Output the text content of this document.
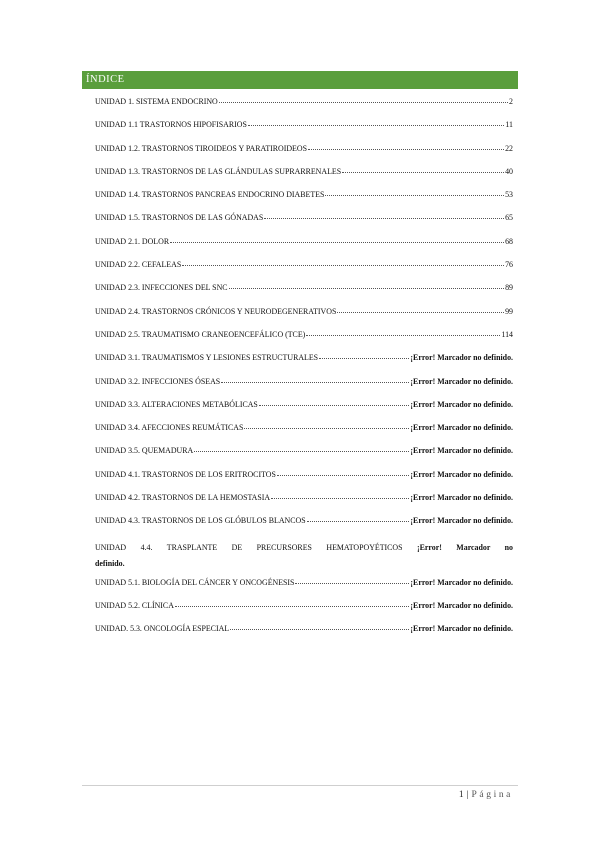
ÍNDICE
UNIDAD 1. SISTEMA ENDOCRINO	2
UNIDAD 1.1 TRASTORNOS HIPOFISARIOS	11
UNIDAD 1.2. TRASTORNOS TIROIDEOS Y PARATIROIDEOS	22
UNIDAD 1.3. TRASTORNOS DE LAS GLÁNDULAS SUPRARRENALES	40
UNIDAD 1.4. TRASTORNOS PANCREAS ENDOCRINO DIABETES	53
UNIDAD 1.5. TRASTORNOS DE LAS GÓNADAS	65
UNIDAD 2.1. DOLOR	68
UNIDAD 2.2. CEFALEAS	76
UNIDAD 2.3. INFECCIONES DEL SNC	89
UNIDAD 2.4. TRASTORNOS CRÓNICOS Y NEURODEGENERATIVOS	99
UNIDAD 2.5. TRAUMATISMO CRANEOENCEFÁLICO (TCE)	114
UNIDAD 3.1. TRAUMATISMOS Y LESIONES ESTRUCTURALES	¡Error! Marcador no definido.
UNIDAD 3.2. INFECCIONES ÓSEAS	¡Error! Marcador no definido.
UNIDAD 3.3. ALTERACIONES METABÓLICAS	¡Error! Marcador no definido.
UNIDAD 3.4. AFECCIONES REUMÁTICAS	¡Error! Marcador no definido.
UNIDAD 3.5. QUEMADURA	¡Error! Marcador no definido.
UNIDAD 4.1. TRASTORNOS DE LOS ERITROCITOS	¡Error! Marcador no definido.
UNIDAD 4.2. TRASTORNOS DE LA HEMOSTASIA	¡Error! Marcador no definido.
UNIDAD 4.3. TRASTORNOS DE LOS GLÓBULOS BLANCOS	¡Error! Marcador no definido.
UNIDAD 4.4. TRASPLANTE DE PRECURSORES HEMATOPOYÉTICOS ¡Error! Marcador no
definido.
UNIDAD 5.1. BIOLOGÍA DEL CÁNCER Y ONCOGÉNESIS	¡Error! Marcador no definido.
UNIDAD 5.2. CLÍNICA	¡Error! Marcador no definido.
UNIDAD. 5.3. ONCOLOGÍA ESPECIAL	¡Error! Marcador no definido.
1 | Página
